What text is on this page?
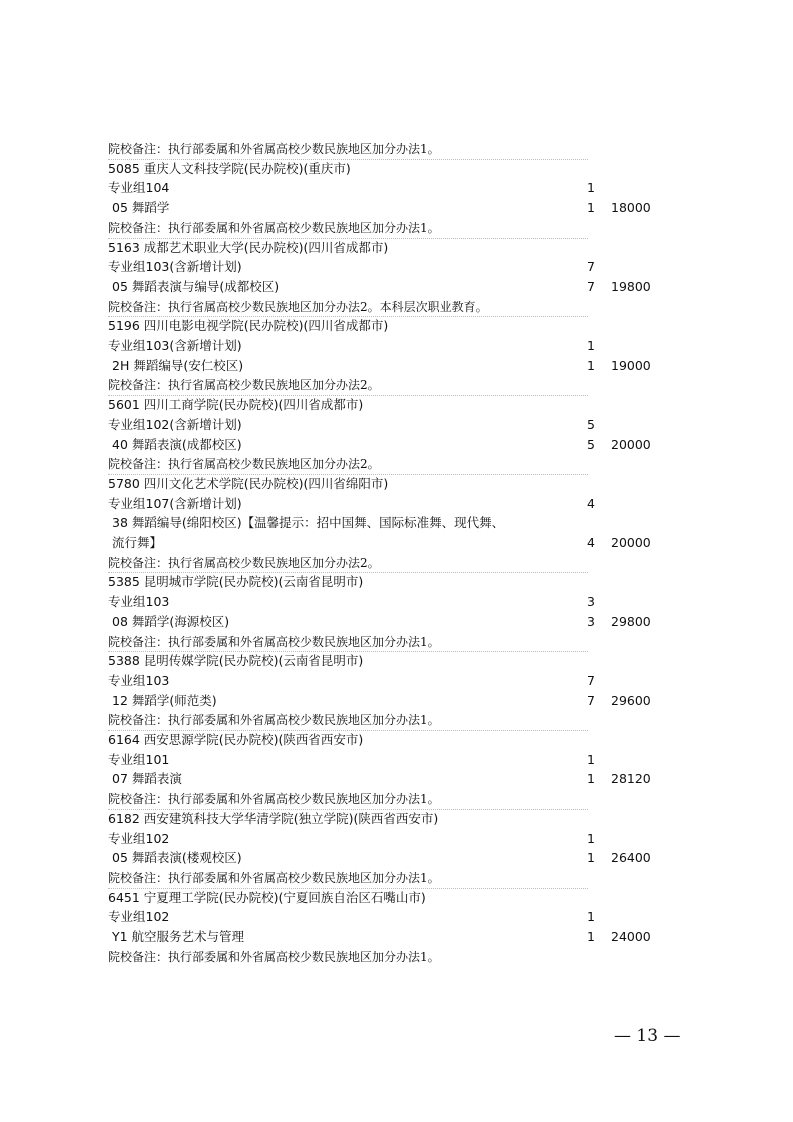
院校备注：执行部委属和外省属高校少数民族地区加分办法1。
5085 重庆人文科技学院(民办院校)(重庆市)
专业组104	1
05 舞蹈学	1 18000
院校备注：执行部委属和外省属高校少数民族地区加分办法1。
5163 成都艺术职业大学(民办院校)(四川省成都市)
专业组103(含新增计划)	7
05 舞蹈表演与编导(成都校区)	7 19800
院校备注：执行省属高校少数民族地区加分办法2。本科层次职业教育。
5196 四川电影电视学院(民办院校)(四川省成都市)
专业组103(含新增计划)	1
2H 舞蹈编导(安仁校区)	1 19000
院校备注：执行省属高校少数民族地区加分办法2。
5601 四川工商学院(民办院校)(四川省成都市)
专业组102(含新增计划)	5
40 舞蹈表演(成都校区)	5 20000
院校备注：执行省属高校少数民族地区加分办法2。
5780 四川文化艺术学院(民办院校)(四川省绵阳市)
专业组107(含新增计划)	4
38 舞蹈编导(绵阳校区)【温馨提示：招中国舞、国际标准舞、现代舞、
流行舞】	4 20000
院校备注：执行省属高校少数民族地区加分办法2。
5385 昆明城市学院(民办院校)(云南省昆明市)
专业组103	3
08 舞蹈学(海源校区)	3 29800
院校备注：执行部委属和外省属高校少数民族地区加分办法1。
5388 昆明传媒学院(民办院校)(云南省昆明市)
专业组103	7
12 舞蹈学(师范类)	7 29600
院校备注：执行部委属和外省属高校少数民族地区加分办法1。
6164 西安思源学院(民办院校)(陕西省西安市)
专业组101	1
07 舞蹈表演	1 28120
院校备注：执行部委属和外省属高校少数民族地区加分办法1。
6182 西安建筑科技大学华清学院(独立学院)(陕西省西安市)
专业组102	1
05 舞蹈表演(楼观校区)	1 26400
院校备注：执行部委属和外省属高校少数民族地区加分办法1。
6451 宁夏理工学院(民办院校)(宁夏回族自治区石嘴山市)
专业组102	1
Y1 航空服务艺术与管理	1 24000
院校备注：执行部委属和外省属高校少数民族地区加分办法1。
— 13 —
